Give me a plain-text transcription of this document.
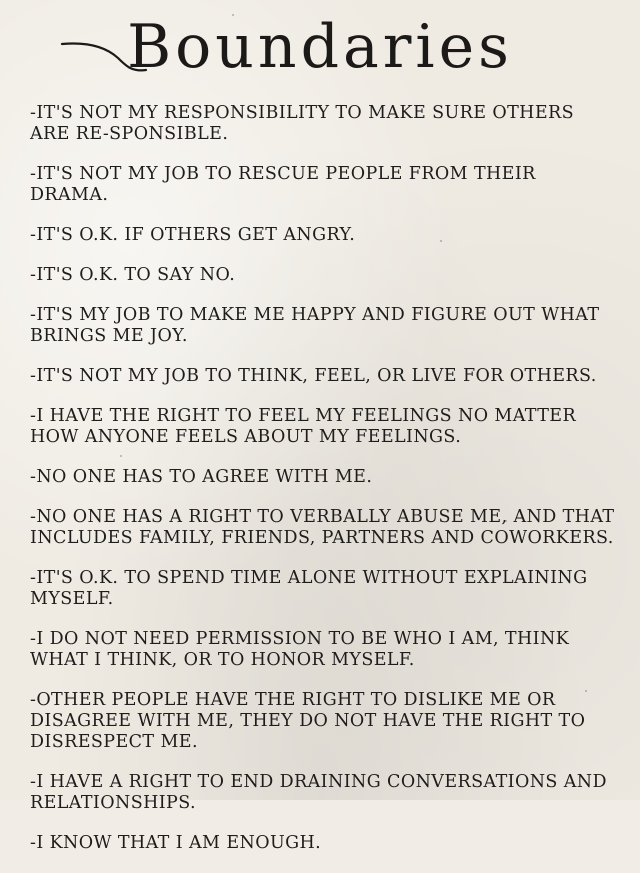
Boundaries
-IT'S NOT MY RESPONSIBILITY TO MAKE SURE OTHERS ARE RE-SPONSIBLE.
-IT'S NOT MY JOB TO RESCUE PEOPLE FROM THEIR DRAMA.
-IT'S O.K. IF OTHERS GET ANGRY.
-IT'S O.K. TO SAY NO.
-IT'S MY JOB TO MAKE ME HAPPY AND FIGURE OUT WHAT BRINGS ME JOY.
-IT'S NOT MY JOB TO THINK, FEEL, OR LIVE FOR OTHERS.
-I HAVE THE RIGHT TO FEEL MY FEELINGS NO MATTER HOW ANYONE FEELS ABOUT MY FEELINGS.
-NO ONE HAS TO AGREE WITH ME.
-NO ONE HAS A RIGHT TO VERBALLY ABUSE ME, AND THAT INCLUDES FAMILY, FRIENDS, PARTNERS AND COWORKERS.
-IT'S O.K. TO SPEND TIME ALONE WITHOUT EXPLAINING MYSELF.
-I DO NOT NEED PERMISSION TO BE WHO I AM, THINK WHAT I THINK, OR TO HONOR MYSELF.
-OTHER PEOPLE HAVE THE RIGHT TO DISLIKE ME OR DISAGREE WITH ME, THEY DO NOT HAVE THE RIGHT TO DISRESPECT ME.
-I HAVE A RIGHT TO END DRAINING CONVERSATIONS AND RELATIONSHIPS.
-I KNOW THAT I AM ENOUGH.
